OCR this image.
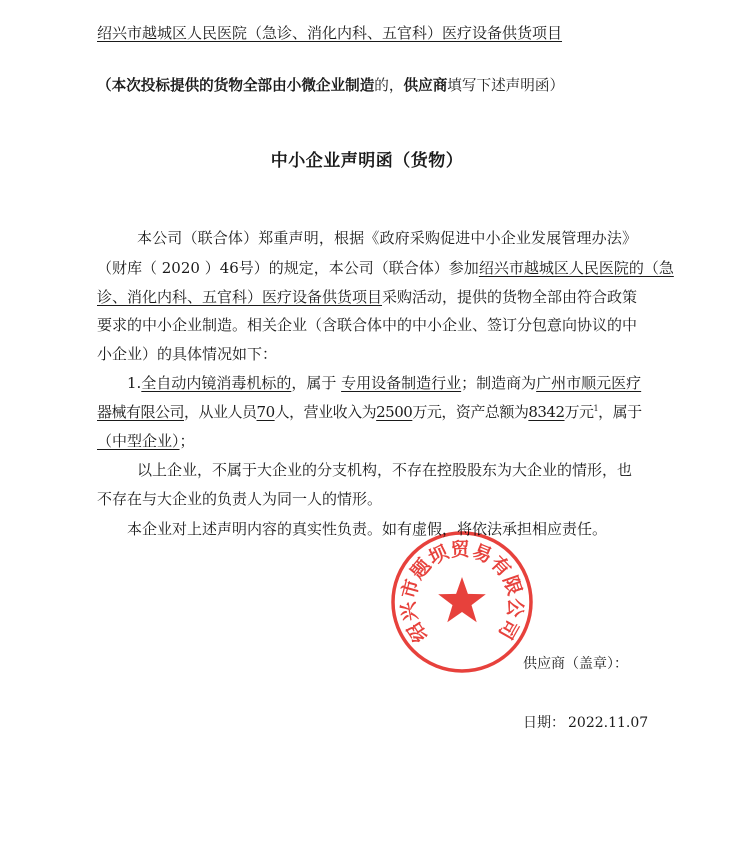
绍兴市越城区人民医院（急诊、消化内科、五官科）医疗设备供货项目
（本次投标提供的货物全部由小微企业制造的，供应商填写下述声明函）
中小企业声明函（货物）
本公司（联合体）郑重声明，根据《政府采购促进中小企业发展管理办法》
（财库（ 2020 ）46号）的规定，本公司（联合体）参加绍兴市越城区人民医院的（急
诊、消化内科、五官科）医疗设备供货项目采购活动，提供的货物全部由符合政策
要求的中小企业制造。相关企业（含联合体中的中小企业、签订分包意向协议的中
小企业）的具体情况如下：
1.全自动内镜消毒机标的，属于 专用设备制造行业；制造商为广州市顺元医疗
器械有限公司，从业人员70人，营业收入为2500万元，资产总额为8342万元$^1$，属于
（中型企业）；
以上企业，不属于大企业的分支机构，不存在控股股东为大企业的情形，也
不存在与大企业的负责人为同一人的情形。
本企业对上述声明内容的真实性负责。如有虚假，将依法承担相应责任。
供应商（盖章）：
日期： 2022.11.07
绍兴市题坝贸易有限公司
